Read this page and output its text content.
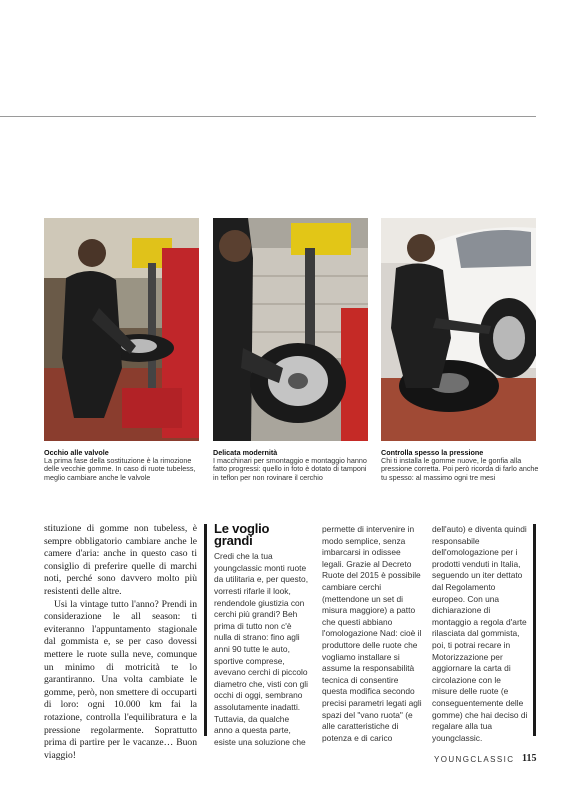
Occhio alle valvole
La prima fase della sostituzione è la rimozione delle vecchie gomme. In caso di ruote tubeless, meglio cambiare anche le valvole
Delicata modernità
I macchinari per smontaggio e montaggio hanno fatto progressi: quello in foto è dotato di tamponi in teflon per non rovinare il cerchio
Controlla spesso la pressione
Chi ti installa le gomme nuove, le gonfia alla pressione corretta. Poi però ricorda di farlo anche tu spesso: al massimo ogni tre mesi

stituzione di gomme non tubeless, è sempre obbligatorio cambiare anche le camere d'aria: anche in questo caso ti consiglio di preferire quelle di marchi noti, perché sono davvero molto più resistenti delle altre.

Usi la vintage tutto l'anno? Prendi in considerazione le all season: ti eviteranno l'appuntamento stagionale dal gommista e, se per caso dovessi mettere le ruote sulla neve, comunque un minimo di motricità te lo garantiranno. Una volta cambiate le gomme, però, non smettere di occuparti di loro: ogni 10.000 km fai la rotazione, controlla l'equilibratura e la pressione regolarmente. Soprattutto prima di partire per le vacanze… Buon viaggio!

Le voglio grandi

Credi che la tua youngclassic monti ruote da utilitaria e, per questo, vorresti rifarle il look, rendendole giustizia con cerchi più grandi? Beh prima di tutto non c'è nulla di strano: fino agli anni 90 tutte le auto, sportive comprese, avevano cerchi di piccolo diametro che, visti con gli occhi di oggi, sembrano assolutamente inadatti. Tuttavia, da qualche anno a questa parte, esiste una soluzione che

permette di intervenire in modo semplice, senza imbarcarsi in odissee legali. Grazie al Decreto Ruote del 2015 è possibile cambiare cerchi (mettendone un set di misura maggiore) a patto che questi abbiano l'omologazione Nad: cioè il produttore delle ruote che vogliamo installare si assume la responsabilità tecnica di consentire questa modifica secondo precisi parametri legati agli spazi del "vano ruota" (e alle caratteristiche di potenza e di carico

dell'auto) e diventa quindi responsabile dell'omologazione per i prodotti venduti in Italia, seguendo un iter dettato dal Regolamento europeo. Con una dichiarazione di montaggio a regola d'arte rilasciata dal gommista, poi, ti potrai recare in Motorizzazione per aggiornare la carta di circolazione con le misure delle ruote (e conseguentemente delle gomme) che hai deciso di regalare alla tua youngclassic.

YOUNGCLASSIC 115
